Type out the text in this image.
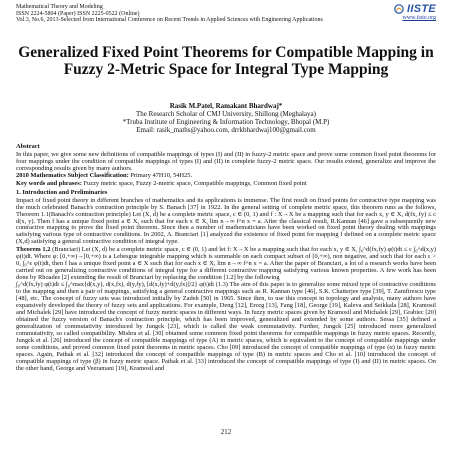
Mathematical Theory and Modeling
ISSN 2224-5804 (Paper) ISSN 2225-0522 (Online)
Vol.3, No.6, 2013-Selected from International Conference on Recent Trends in Applied Sciences with Engineering Applications
IISTE
www.iiste.org
Generalized Fixed Point Theorems for Compatible Mapping in Fuzzy 2-Metric Space for Integral Type Mapping
Rasik M.Patel, Ramakant Bhardwaj*
The Research Scholar of CMJ University, Shillong (Meghalaya)
*Truba Institute of Engineering & Information Technology, Bhopal (M.P)
Email: rasik_maths@yahoo.com, drrkbhardwaj100@gmail.com
Abstract

In this paper, we give some new definitions of compatible mappings of types (I) and (II) in fuzzy-2 metric space and prove some common fixed point theorems for four mappings under the condition of compatible mappings of types (I) and (II) in complete fuzzy-2 metric space. Our results extend, generalize and improve the corresponding results given by many authors.

2010 Mathematics Subject Classification: Primary 47H10, 54H25.

Key words and phrases: Fuzzy metric space, Fuzzy 2-metric space, Compatible mappings, Common fixed point

1. Introduction and Preliminaries

Impact of fixed point theory in different branches of mathematics and its applications is immense. The first result on fixed points for contractive type mapping was the much celebrated Banach's contraction principle by S. Banach [37] in 1922. In the general setting of complete metric space, this theorem runs as the follows, Theorem 1.1(Banach's contraction principle) Let (X, d) be a complete metric space, c ∈ (0, 1) and f : X→X be a mapping such that for each x, y ∈ X, d(fx, fy) ≤ c d(x, y). Then f has a unique fixed point a ∈ X, such that for each x ∈ X, lim n→∞ f^n x = a. After the classical result, R.Kannan [46] gave a subsequently new contractive mapping to prove the fixed point theorem. Since then a number of mathematicians have been worked on fixed point theory dealing with mappings satisfying various type of contractive conditions. In 2002, A. Branciari [1] analyzed the existence of fixed point for mapping f defined on a complete metric space (X,d) satisfying a general contractive condition of integral type.

Theorem 1.2 (Branciari) Let (X, d) be a complete metric space, c ∈ (0, 1) and let f: X→X be a mapping such that for each x, y ∈ X, ∫₀^d(fx,fy) φ(t)dt ≤ c ∫₀^d(x,y) φ(t)dt. Where φ: [0,+∞)→[0,+∞) is a Lebesgue integrable mapping which is summable on each compact subset of [0,+∞), non negative, and such that for each ε > 0, ∫₀^ε φ(t)dt, then f has a unique fixed point a ∈ X such that for each x ∈ X, lim n→∞ f^n x = a. After the paper of Branciari, a lot of a research works have been carried out on generalizing contractive conditions of integral type for a different contractive mapping satisfying various known properties. A few work has been done by Rhoades [2] extending the result of Branciari by replacing the condition [1.2] by the following

∫₀^d(fx,fy) φ(t)dt ≤ ∫₀^max{d(x,y), d(x,fx), d(y,fy), [d(x,fy)+d(y,fx)]/2} φ(t)dt (1.3) The aim of this paper is to generalize some mixed type of contractive conditions to the mapping and then a pair of mappings, satisfying a general contractive mappings such as R. Kannan type [46], S.K. Chatterjee type [39], T. Zamfirescu type [48], etc. The concept of fuzzy sets was introduced initially by Zadeh [50] in 1965. Since then, to use this concept in topology and analysis, many authors have expansively developed the theory of fuzzy sets and applications. For example, Deng [12], Erceg [13], Fang [18], George [19], Kaleva and Seikkala [28], Kramosil and Michalek [29] have introduced the concept of fuzzy metric spaces in different ways. In fuzzy metric spaces given by Kramosil and Michalek [29], Grabiec [20] obtained the fuzzy version of Banach's contraction principle, which has been improved, generalized and extended by some authors. Sessa [35] defined a generalization of commutativity introduced by Jungck [23], which is called the weak commutativity. Further, Jungck [25] introduced more generalized commutativity, so called compatibility. Mishra et al. [30] obtained some common fixed point theorems for compatible mappings in fuzzy metric spaces. Recently, Jungck et al. [26] introduced the concept of compatible mappings of type (A) in metric spaces, which is equivalent to the concept of compatible mappings under some conditions, and proved common fixed point theorems in metric spaces. Cho [09] introduced the concept of compatible mappings of type (α) in fuzzy metric spaces. Again, Pathak et al. [32] introduced the concept of compatible mappings of type (B) in metric spaces and Cho et al. [10] introduced the concept of compatible mappings of type (β) in fuzzy metric space. Pathak et al. [33] introduced the concept of compatible mappings of type (I) and (II) in metric spaces. On the other hand, George and Veeramani [19], Kramosil and

212
